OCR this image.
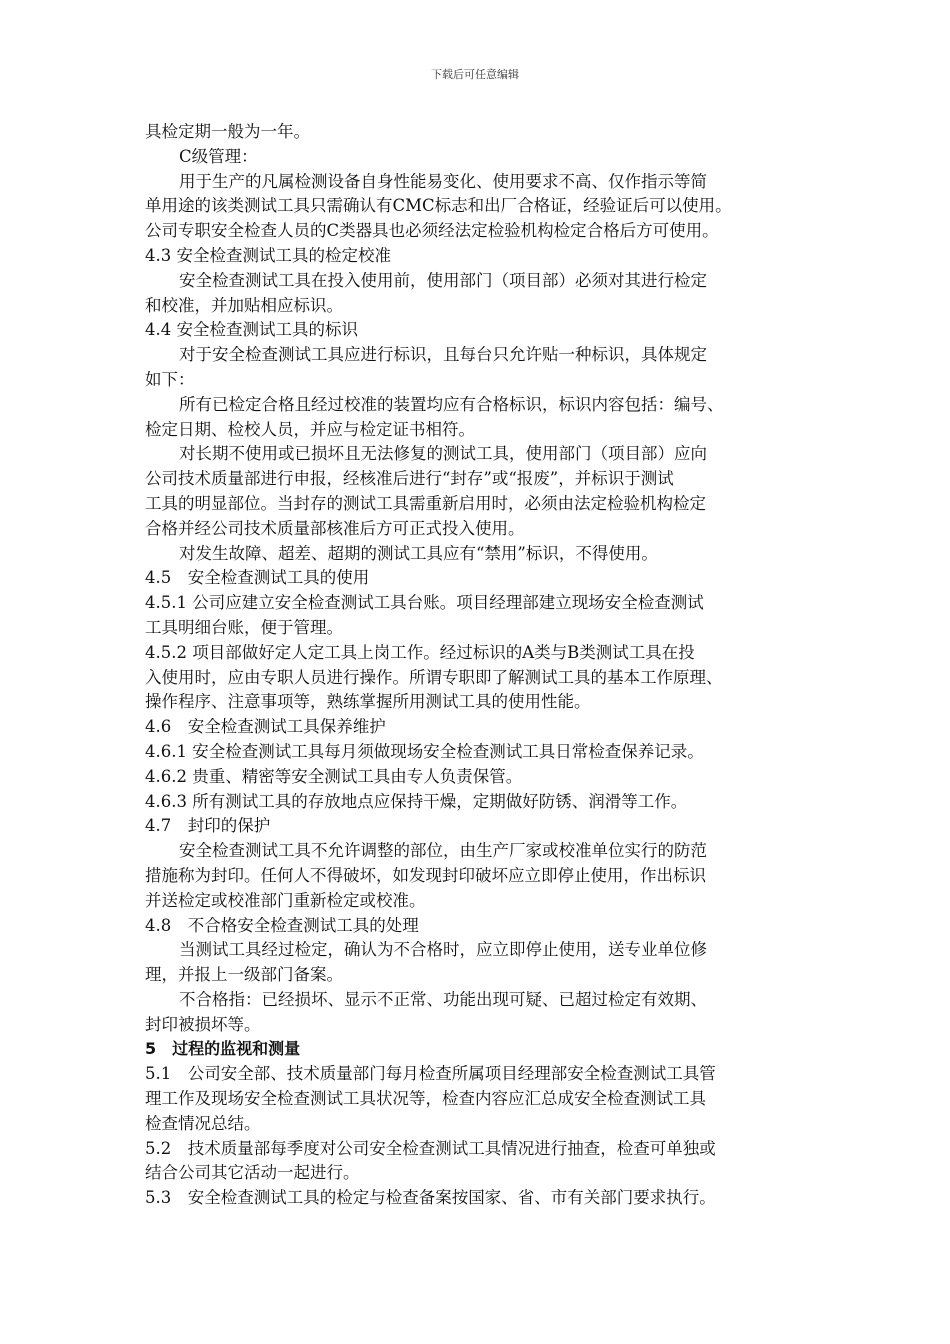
下载后可任意编辑
具检定期一般为一年。
C级管理：
用于生产的凡属检测设备自身性能易变化、使用要求不高、仅作指示等简
单用途的该类测试工具只需确认有CMC标志和出厂合格证，经验证后可以使用。
公司专职安全检查人员的C类器具也必须经法定检验机构检定合格后方可使用。
4.3 安全检查测试工具的检定校准
安全检查测试工具在投入使用前，使用部门（项目部）必须对其进行检定
和校准，并加贴相应标识。
4.4 安全检查测试工具的标识
对于安全检查测试工具应进行标识，且每台只允许贴一种标识，具体规定
如下：
所有已检定合格且经过校准的装置均应有合格标识，标识内容包括：编号、
检定日期、检校人员，并应与检定证书相符。
对长期不使用或已损坏且无法修复的测试工具，使用部门（项目部）应向
公司技术质量部进行申报，经核准后进行“封存”或“报废”，并标识于测试
工具的明显部位。当封存的测试工具需重新启用时，必须由法定检验机构检定
合格并经公司技术质量部核准后方可正式投入使用。
对发生故障、超差、超期的测试工具应有“禁用”标识，不得使用。
4.5　安全检查测试工具的使用
4.5.1 公司应建立安全检查测试工具台账。项目经理部建立现场安全检查测试
工具明细台账，便于管理。
4.5.2 项目部做好定人定工具上岗工作。经过标识的A类与B类测试工具在投
入使用时，应由专职人员进行操作。所谓专职即了解测试工具的基本工作原理、
操作程序、注意事项等，熟练掌握所用测试工具的使用性能。
4.6　安全检查测试工具保养维护
4.6.1 安全检查测试工具每月须做现场安全检查测试工具日常检查保养记录。
4.6.2 贵重、精密等安全测试工具由专人负责保管。
4.6.3 所有测试工具的存放地点应保持干燥，定期做好防锈、润滑等工作。
4.7　封印的保护
安全检查测试工具不允许调整的部位，由生产厂家或校准单位实行的防范
措施称为封印。任何人不得破坏，如发现封印破坏应立即停止使用，作出标识
并送检定或校准部门重新检定或校准。
4.8　不合格安全检查测试工具的处理
当测试工具经过检定，确认为不合格时，应立即停止使用，送专业单位修
理，并报上一级部门备案。
不合格指：已经损坏、显示不正常、功能出现可疑、已超过检定有效期、
封印被损坏等。
5　过程的监视和测量
5.1　公司安全部、技术质量部门每月检查所属项目经理部安全检查测试工具管
理工作及现场安全检查测试工具状况等，检查内容应汇总成安全检查测试工具
检查情况总结。
5.2　技术质量部每季度对公司安全检查测试工具情况进行抽查，检查可单独或
结合公司其它活动一起进行。
5.3　安全检查测试工具的检定与检查备案按国家、省、市有关部门要求执行。
